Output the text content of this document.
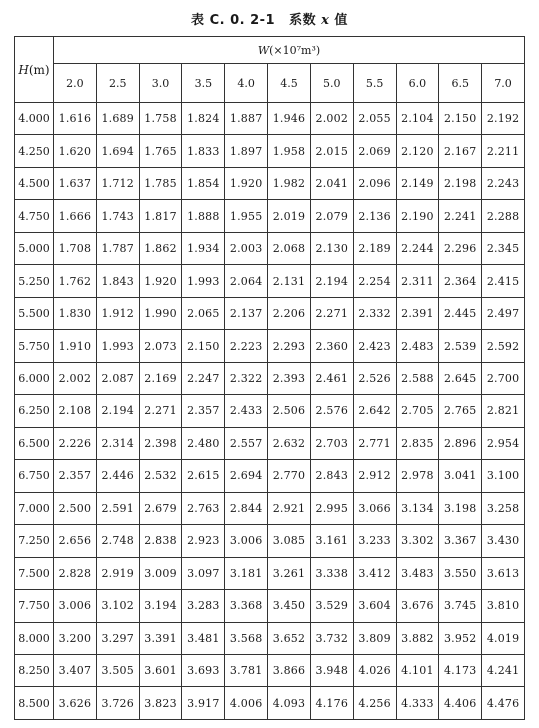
表 C. 0. 2-1 系数 x 值
H(m)	W(×10⁷m³)										
	2.0	2.5	3.0	3.5	4.0	4.5	5.0	5.5	6.0	6.5	7.0
4.000	1.616	1.689	1.758	1.824	1.887	1.946	2.002	2.055	2.104	2.150	2.192
4.250	1.620	1.694	1.765	1.833	1.897	1.958	2.015	2.069	2.120	2.167	2.211
4.500	1.637	1.712	1.785	1.854	1.920	1.982	2.041	2.096	2.149	2.198	2.243
4.750	1.666	1.743	1.817	1.888	1.955	2.019	2.079	2.136	2.190	2.241	2.288
5.000	1.708	1.787	1.862	1.934	2.003	2.068	2.130	2.189	2.244	2.296	2.345
5.250	1.762	1.843	1.920	1.993	2.064	2.131	2.194	2.254	2.311	2.364	2.415
5.500	1.830	1.912	1.990	2.065	2.137	2.206	2.271	2.332	2.391	2.445	2.497
5.750	1.910	1.993	2.073	2.150	2.223	2.293	2.360	2.423	2.483	2.539	2.592
6.000	2.002	2.087	2.169	2.247	2.322	2.393	2.461	2.526	2.588	2.645	2.700
6.250	2.108	2.194	2.271	2.357	2.433	2.506	2.576	2.642	2.705	2.765	2.821
6.500	2.226	2.314	2.398	2.480	2.557	2.632	2.703	2.771	2.835	2.896	2.954
6.750	2.357	2.446	2.532	2.615	2.694	2.770	2.843	2.912	2.978	3.041	3.100
7.000	2.500	2.591	2.679	2.763	2.844	2.921	2.995	3.066	3.134	3.198	3.258
7.250	2.656	2.748	2.838	2.923	3.006	3.085	3.161	3.233	3.302	3.367	3.430
7.500	2.828	2.919	3.009	3.097	3.181	3.261	3.338	3.412	3.483	3.550	3.613
7.750	3.006	3.102	3.194	3.283	3.368	3.450	3.529	3.604	3.676	3.745	3.810
8.000	3.200	3.297	3.391	3.481	3.568	3.652	3.732	3.809	3.882	3.952	4.019
8.250	3.407	3.505	3.601	3.693	3.781	3.866	3.948	4.026	4.101	4.173	4.241
8.500	3.626	3.726	3.823	3.917	4.006	4.093	4.176	4.256	4.333	4.406	4.476
